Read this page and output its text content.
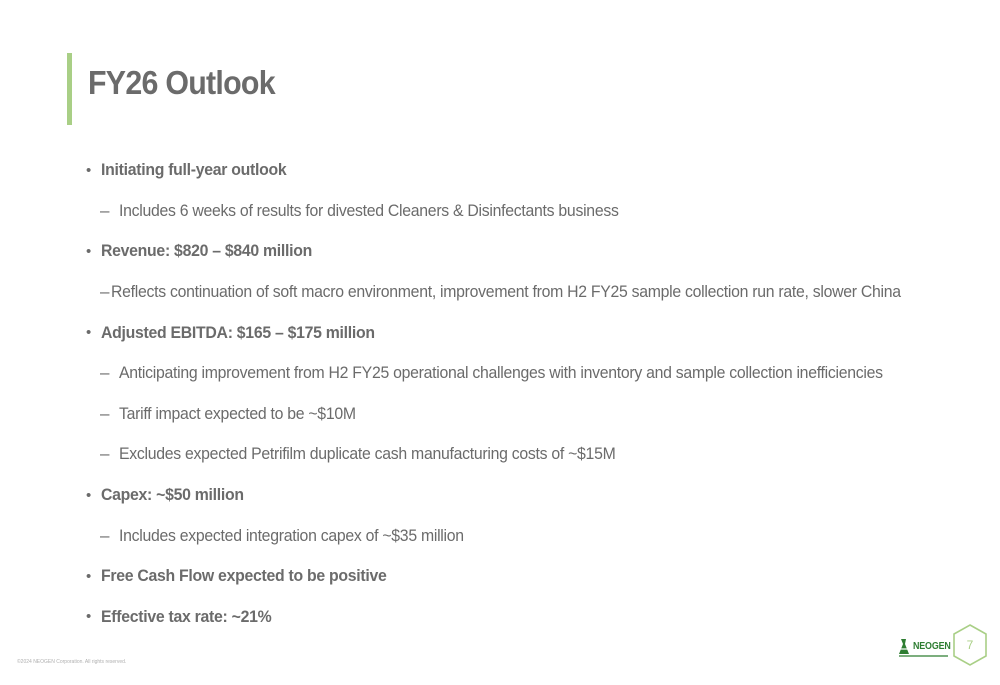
FY26 Outlook
• Initiating full-year outlook
– Includes 6 weeks of results for divested Cleaners & Disinfectants business
• Revenue: $820 – $840 million
– Reflects continuation of soft macro environment, improvement from H2 FY25 sample collection run rate, slower China
• Adjusted EBITDA: $165 – $175 million
– Anticipating improvement from H2 FY25 operational challenges with inventory and sample collection inefficiencies
– Tariff impact expected to be ~$10M
– Excludes expected Petrifilm duplicate cash manufacturing costs of ~$15M
• Capex: ~$50 million
– Includes expected integration capex of ~$35 million
• Free Cash Flow expected to be positive
• Effective tax rate: ~21%
©2024 NEOGEN Corporation. All rights reserved.
NEOGEN	7
